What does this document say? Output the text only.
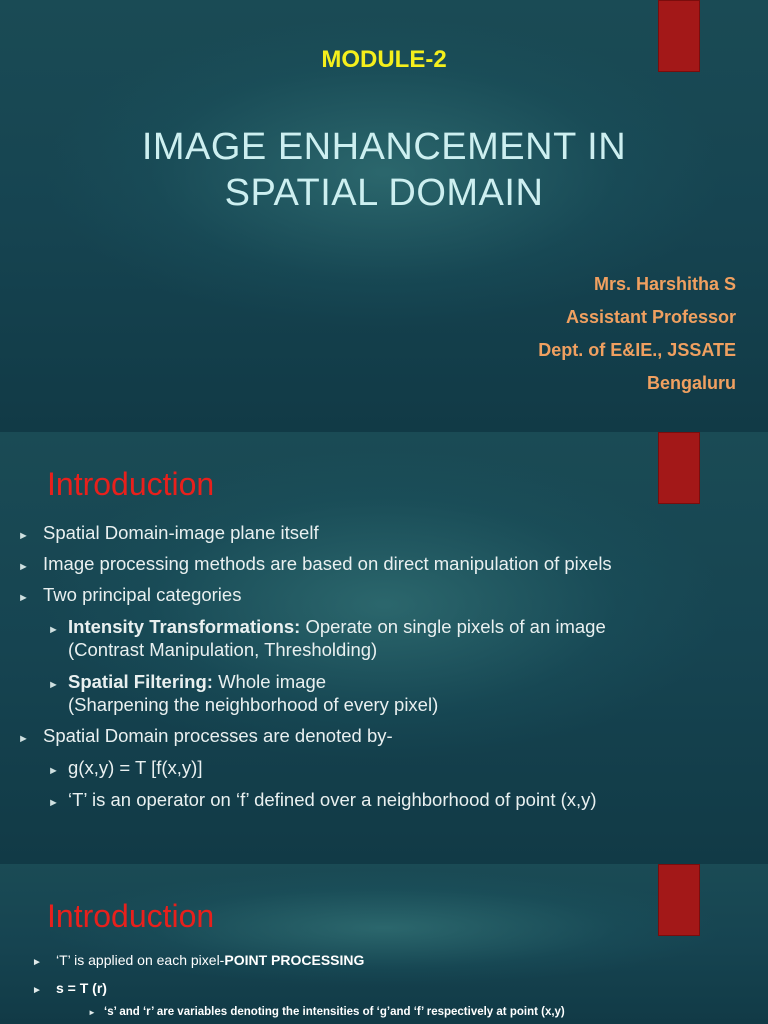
MODULE-2
IMAGE ENHANCEMENT IN
SPATIAL DOMAIN
Mrs. Harshitha S
Assistant Professor
Dept. of E&IE., JSSATE
Bengaluru
Introduction
► Spatial Domain-image plane itself
► Image processing methods are based on direct manipulation of pixels
► Two principal categories
► Intensity Transformations: Operate on single pixels of an image
(Contrast Manipulation, Thresholding)
► Spatial Filtering: Whole image
(Sharpening the neighborhood of every pixel)
► Spatial Domain processes are denoted by-
► g(x,y) = T [f(x,y)]
► ‘T’ is an operator on ‘f’ defined over a neighborhood of point (x,y)
Introduction
►	‘T’ is applied on each pixel-POINT PROCESSING
►	s = T (r)
► ‘s’ and ‘r’ are variables denoting the intensities of ‘g’and ‘f’ respectively at point (x,y)
